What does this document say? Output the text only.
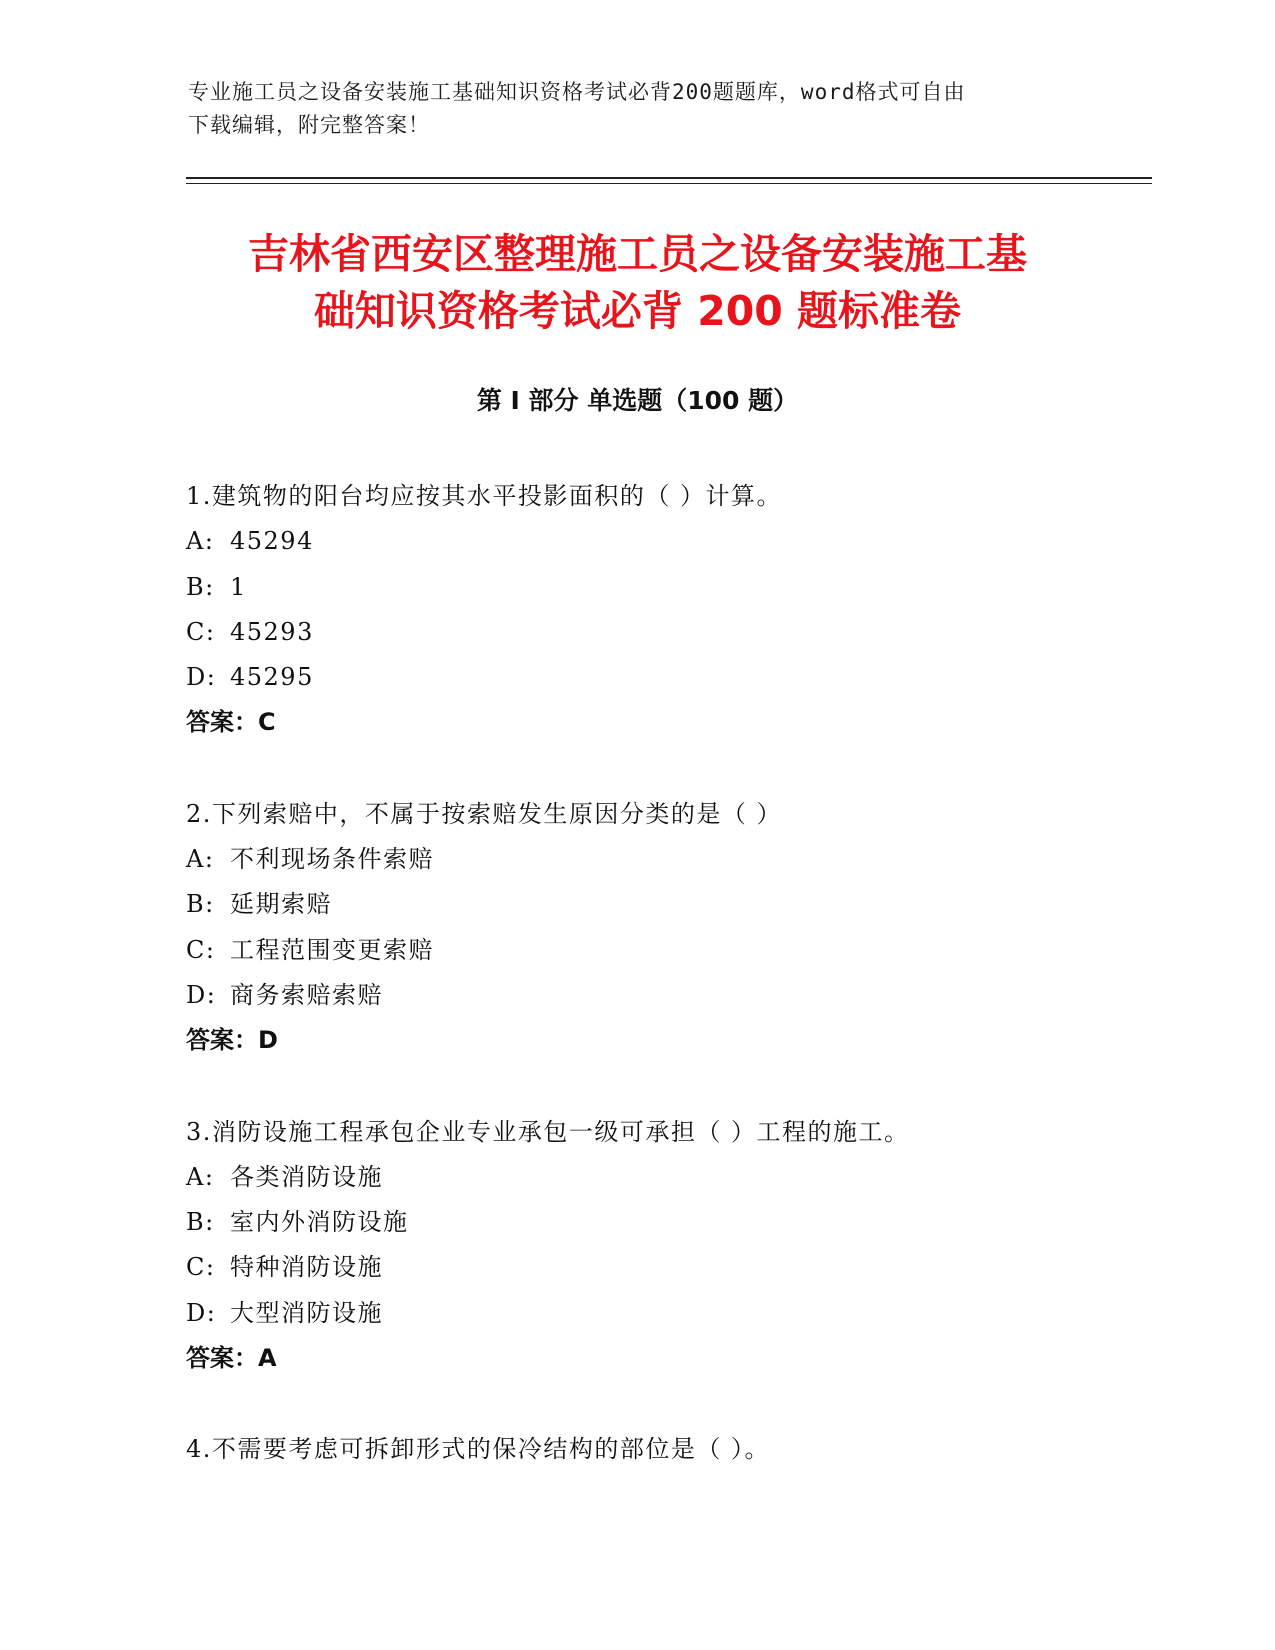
专业施工员之设备安装施工基础知识资格考试必背200题题库，word格式可自由
下载编辑，附完整答案！
吉林省西安区整理施工员之设备安装施工基
础知识资格考试必背 200 题标准卷
第 I 部分 单选题（100 题）
1.建筑物的阳台均应按其水平投影面积的（ ）计算。
A: 45294
B: 1
C: 45293
D: 45295
答案：C
2.下列索赔中，不属于按索赔发生原因分类的是（ ）
A: 不利现场条件索赔
B: 延期索赔
C: 工程范围变更索赔
D: 商务索赔索赔
答案：D
3.消防设施工程承包企业专业承包一级可承担（ ）工程的施工。
A: 各类消防设施
B: 室内外消防设施
C: 特种消防设施
D: 大型消防设施
答案：A
4.不需要考虑可拆卸形式的保冷结构的部位是（ ）。
